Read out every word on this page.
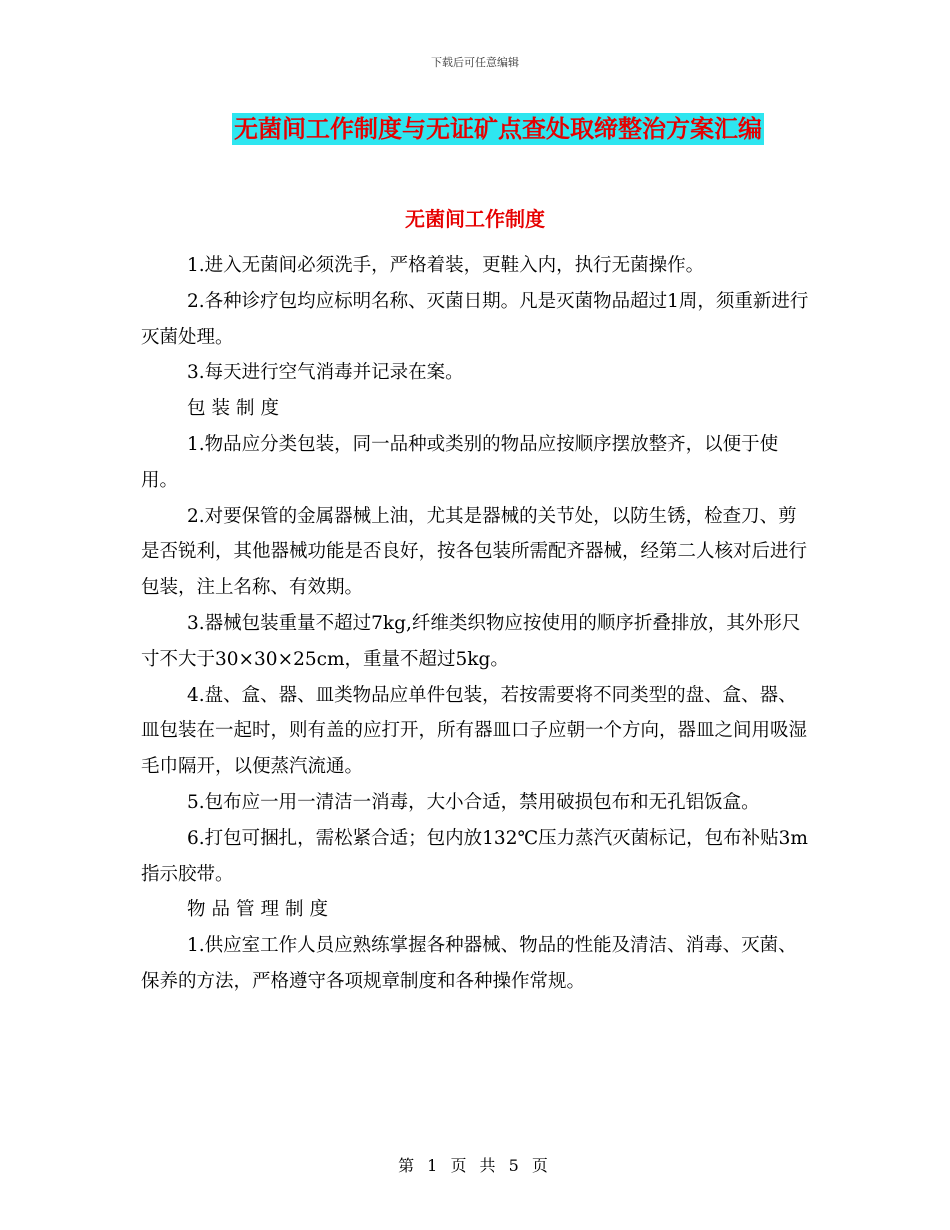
下载后可任意编辑
无菌间工作制度与无证矿点查处取缔整治方案汇编
无菌间工作制度

1.进入无菌间必须洗手，严格着装，更鞋入内，执行无菌操作。

2.各种诊疗包均应标明名称、灭菌日期。凡是灭菌物品超过1周，须重新进行灭菌处理。

3.每天进行空气消毒并记录在案。

包装制度

1.物品应分类包装，同一品种或类别的物品应按顺序摆放整齐，以便于使用。

2.对要保管的金属器械上油，尤其是器械的关节处，以防生锈，检查刀、剪是否锐利，其他器械功能是否良好，按各包装所需配齐器械，经第二人核对后进行包装，注上名称、有效期。

3.器械包装重量不超过7kg,纤维类织物应按使用的顺序折叠排放，其外形尺寸不大于30×30×25cm，重量不超过5kg。

4.盘、盒、器、皿类物品应单件包装，若按需要将不同类型的盘、盒、器、皿包装在一起时，则有盖的应打开，所有器皿口子应朝一个方向，器皿之间用吸湿毛巾隔开，以便蒸汽流通。

5.包布应一用一清洁一消毒，大小合适，禁用破损包布和无孔铝饭盒。

6.打包可捆扎，需松紧合适；包内放132℃压力蒸汽灭菌标记，包布补贴3m指示胶带。

物品管理制度

1.供应室工作人员应熟练掌握各种器械、物品的性能及清洁、消毒、灭菌、保养的方法，严格遵守各项规章制度和各种操作常规。

第 1 页 共 5 页
